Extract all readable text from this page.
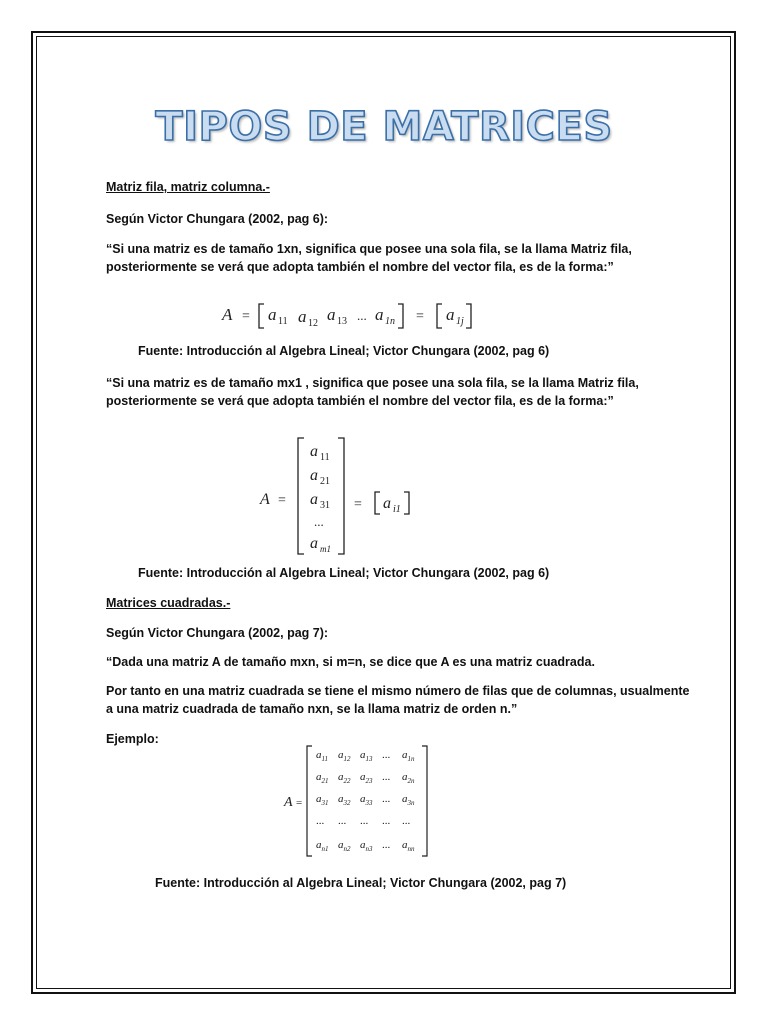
TIPOS DE MATRICES
Matriz fila, matriz columna.-
Según Victor Chungara (2002, pag 6):
“Si una matriz es de tamaño 1xn, significa que posee una sola fila, se la llama Matriz fila,
posteriormente se verá que adopta también el nombre del vector fila, es de la forma:”
A = a 11 a 12 a 13 ... a 1n = a 1j
Fuente: Introducción al Algebra Lineal; Victor Chungara (2002, pag 6)
“Si una matriz es de tamaño mx1 , significa que posee una sola fila, se la llama Matriz fila,
posteriormente se verá que adopta también el nombre del vector fila, es de la forma:”
A =
a 11
a 21
a 31
...
a m1
= a i1
Fuente: Introducción al Algebra Lineal; Victor Chungara (2002, pag 6)
Matrices cuadradas.-
Según Victor Chungara (2002, pag 7):
“Dada una matriz A de tamaño mxn, si m=n, se dice que A es una matriz cuadrada.
Por tanto en una matriz cuadrada se tiene el mismo número de filas que de columnas, usualmente
a una matriz cuadrada de tamaño nxn, se la llama matriz de orden n.”
Ejemplo:
A =
$a_{11}$ $a_{12}$ $a_{13}$ ... $a_{1n}$
$a_{21}$ $a_{22}$ $a_{23}$ ... $a_{2n}$
$a_{31}$ $a_{32}$ $a_{33}$ ... $a_{3n}$
... ... ... ... ...
$a_{n1}$ $a_{n2}$ $a_{n3}$ ... $a_{nn}$
Fuente: Introducción al Algebra Lineal; Victor Chungara (2002, pag 7)
